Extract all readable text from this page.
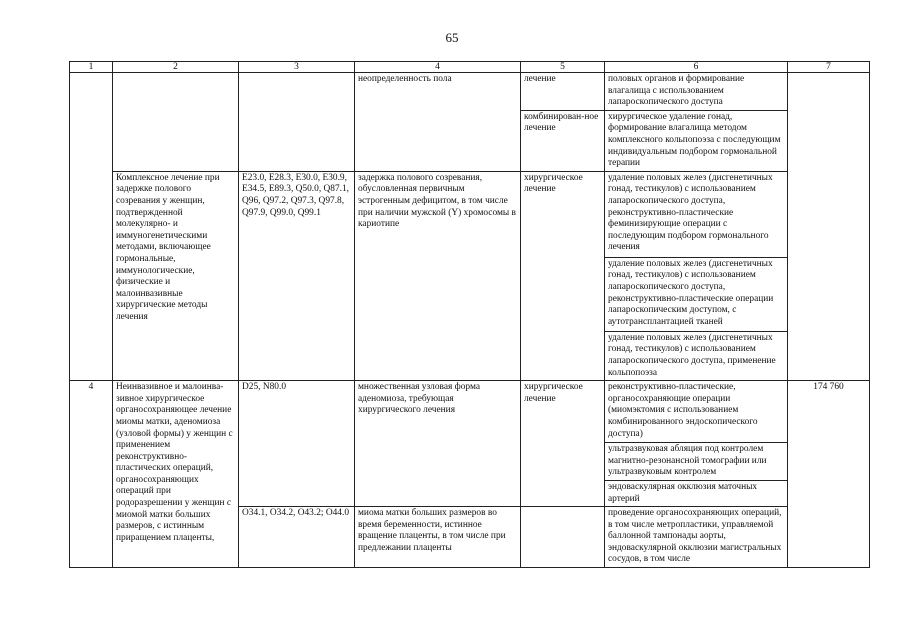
65
1	2	3	4	5	6	7
			неопределенность пола	лечение	половых органов и формирование влагалища с использованием лапароскопического доступа	
				комбинирован-ное лечение	хирургическое удаление гонад, формирование влагалища методом комплексного кольпопоэза с последующим индивидуальным подбором гормональной терапии	
	Комплексное лечение при задержке полового созревания у женщин, подтвержденной молекулярно- и иммуногенетическими методами, включающее гормональные, иммунологические, физические и малоинвазивные хирургические методы лечения	E23.0, E28.3, E30.0, E30.9, E34.5, E89.3, Q50.0, Q87.1, Q96, Q97.2, Q97.3, Q97.8, Q97.9, Q99.0, Q99.1	задержка полового созревания, обусловленная первичным эстрогенным дефицитом, в том числе при наличии мужской (Y) хромосомы в кариотипе	хирургическое лечение	удаление половых желез (дисгенетичных гонад, тестикулов) с использованием лапароскопического доступа, реконструктивно-пластические феминизирующие операции с последующим подбором гормонального лечения	
					удаление половых желез (дисгенетичных гонад, тестикулов) с использованием лапароскопического доступа, реконструктивно-пластические операции лапароскопическим доступом, с аутотрансплантацией тканей	
					удаление половых желез (дисгенетичных гонад, тестикулов) с использованием лапароскопического доступа, применение кольпопоэза	

4	Неинвазивное и малоинва-зивное хирургическое органосохраняющее лечение миомы матки, аденомиоза (узловой формы) у женщин с применением реконструктивно-пластических операций, органосохраняющих операций при родоразрешении у женщин с миомой матки больших размеров, с истинным приращением плаценты,	D25, N80.0	множественная узловая форма аденомиоза, требующая хирургического лечения	хирургическое лечение	реконструктивно-пластические, органосохраняющие операции (миомэктомия с использованием комбинированного эндоскопического доступа)	174 760
					ультразвуковая абляция под контролем магнитно-резонансной томографии или ультразвуковым контролем	
					эндоваскулярная окклюзия маточных артерий	
		O34.1, O34.2, O43.2; O44.0	миома матки больших размеров во время беременности, истинное вращение плаценты, в том числе при предлежании плаценты		проведение органосохраняющих операций, в том числе метропластики, управляемой баллонной тампонады аорты, эндоваскулярной окклюзии магистральных сосудов, в том числе	
